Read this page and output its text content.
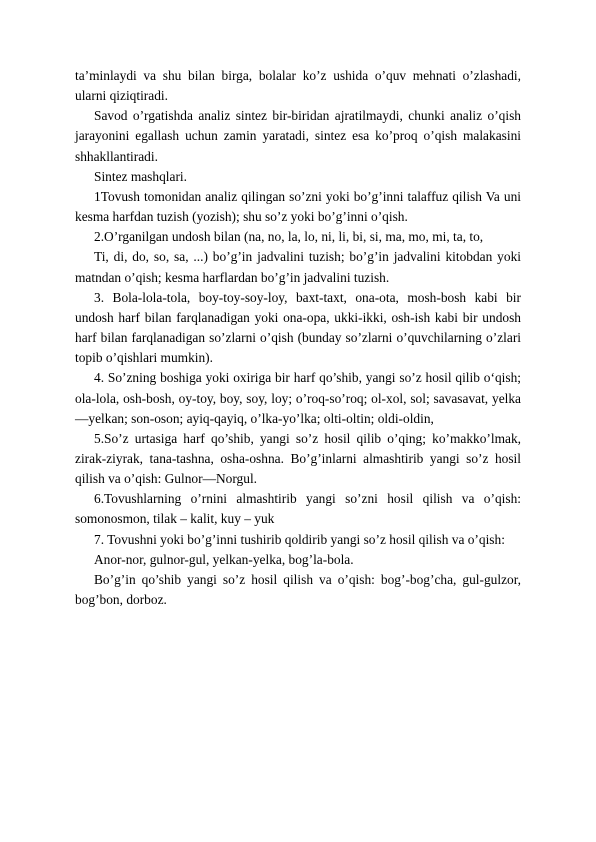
ta’minlaydi va shu bilan birga, bolalar ko’z ushida o’quv mehnati o’zlashadi, ularni qiziqtiradi.

Savod o’rgatishda analiz sintez bir-biridan ajratilmaydi, chunki analiz o’qish jarayonini egallash uchun zamin yaratadi, sintez esa ko’proq o’qish malakasini shhakllantiradi.

Sintez mashqlari.

1Tovush tomonidan analiz qilingan so’zni yoki bo’g’inni talaffuz qilish Va uni kesma harfdan tuzish (yozish); shu so’z yoki bo’g’inni o’qish.

2.O’rganilgan undosh bilan (na, no, la, lo, ni, li, bi, si, ma, mo, mi, ta, to,

Ti, di, do, so, sa, ...) bo’g’in jadvalini tuzish; bo’g’in jadvalini kitobdan yoki matndan o’qish; kesma harflardan bo’g’in jadvalini tuzish.

3. Bola-lola-tola, boy-toy-soy-loy, baxt-taxt, ona-ota, mosh-bosh kabi bir undosh harf bilan farqlanadigan yoki ona-opa, ukki-ikki, osh-ish kabi bir undosh harf bilan farqlanadigan so’zlarni o’qish (bunday so’zlarni o’quvchilarning o’zlari topib o’qishlari mumkin).

4. So’zning boshiga yoki oxiriga bir harf qo’shib, yangi so’z hosil qilib o‘qish; ola-lola, osh-bosh, oy-toy, boy, soy, loy; o’roq-so’roq; ol-xol, sol; savasavat, yelka—yelkan; son-oson; ayiq-qayiq, o’lka-yo’lka; olti-oltin; oldi-oldin,

5.So’z urtasiga harf qo’shib, yangi so’z hosil qilib o’qing; ko’makko’lmak, zirak-ziyrak, tana-tashna, osha-oshna. Bo’g’inlarni almashtirib yangi so’z hosil qilish va o’qish: Gulnor—Norgul.

6.Tovushlarning o’rnini almashtirib yangi so’zni hosil qilish va o’qish: somonosmon, tilak – kalit, kuy – yuk

7. Tovushni yoki bo’g’inni tushirib qoldirib yangi so’z hosil qilish va o’qish:

Anor-nor, gulnor-gul, yelkan-yelka, bog’la-bola.

Bo’g’in qo’shib yangi so’z hosil qilish va o’qish: bog’-bog’cha, gul-gulzor, bog’bon, dorboz.
